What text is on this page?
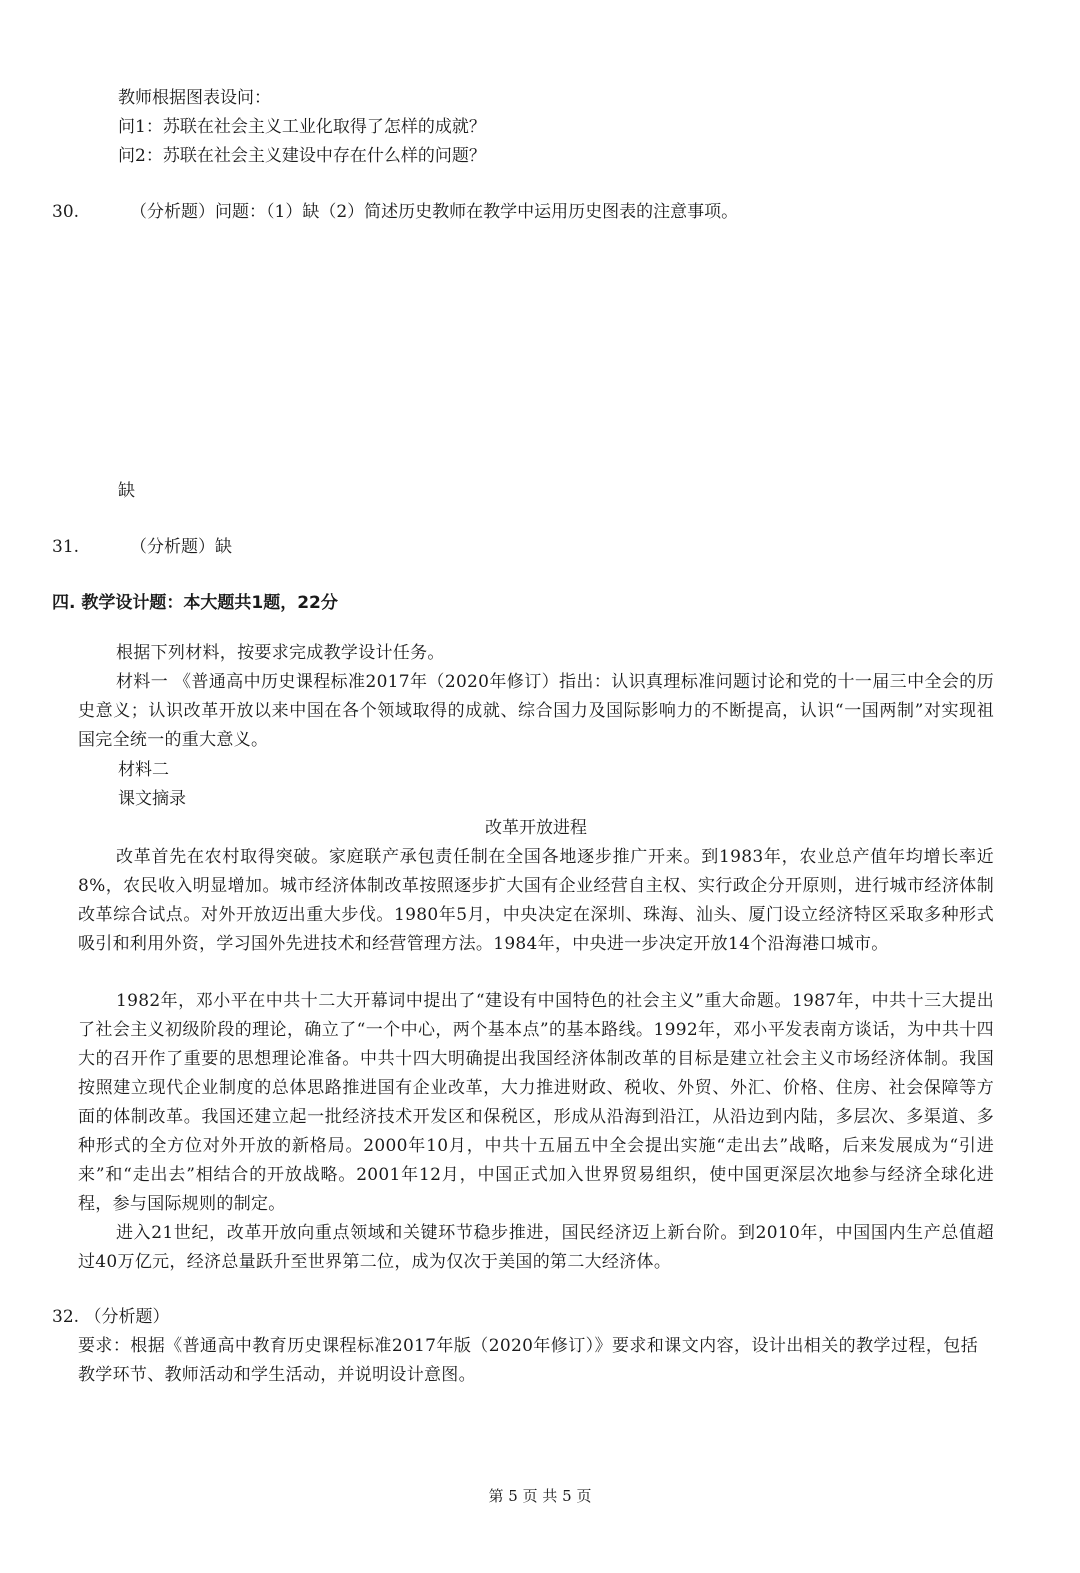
教师根据图表设问：
问1：苏联在社会主义工业化取得了怎样的成就？
问2：苏联在社会主义建设中存在什么样的问题？
30.	（分析题）问题：（1）缺（2）简述历史教师在教学中运用历史图表的注意事项。
缺
31.	（分析题）缺
四. 教学设计题：本大题共1题，22分

根据下列材料，按要求完成教学设计任务。

材料一 《普通高中历史课程标准2017年（2020年修订）指出：认识真理标准问题讨论和党的十一届三中全会的历史意义；认识改革开放以来中国在各个领域取得的成就、综合国力及国际影响力的不断提高，认识“一国两制”对实现祖国完全统一的重大意义。

材料二
课文摘录
改革开放进程

改革首先在农村取得突破。家庭联产承包责任制在全国各地逐步推广开来。到1983年，农业总产值年均增长率近8%，农民收入明显增加。城市经济体制改革按照逐步扩大国有企业经营自主权、实行政企分开原则，进行城市经济体制改革综合试点。对外开放迈出重大步伐。1980年5月，中央决定在深圳、珠海、汕头、厦门设立经济特区采取多种形式吸引和利用外资，学习国外先进技术和经营管理方法。1984年，中央进一步决定开放14个沿海港口城市。

1982年，邓小平在中共十二大开幕词中提出了“建设有中国特色的社会主义”重大命题。1987年，中共十三大提出了社会主义初级阶段的理论，确立了“一个中心，两个基本点”的基本路线。1992年，邓小平发表南方谈话，为中共十四大的召开作了重要的思想理论准备。中共十四大明确提出我国经济体制改革的目标是建立社会主义市场经济体制。我国按照建立现代企业制度的总体思路推进国有企业改革，大力推进财政、税收、外贸、外汇、价格、住房、社会保障等方面的体制改革。我国还建立起一批经济技术开发区和保税区，形成从沿海到沿江，从沿边到内陆，多层次、多渠道、多种形式的全方位对外开放的新格局。2000年10月，中共十五届五中全会提出实施“走出去”战略，后来发展成为“引进来”和“走出去”相结合的开放战略。2001年12月，中国正式加入世界贸易组织，使中国更深层次地参与经济全球化进程，参与国际规则的制定。

进入21世纪，改革开放向重点领域和关键环节稳步推进，国民经济迈上新台阶。到2010年，中国国内生产总值超过40万亿元，经济总量跃升至世界第二位，成为仅次于美国的第二大经济体。

32. （分析题）

要求：根据《普通高中教育历史课程标准2017年版（2020年修订）》要求和课文内容，设计出相关的教学过程，包括教学环节、教师活动和学生活动，并说明设计意图。

第 5 页 共 5 页
